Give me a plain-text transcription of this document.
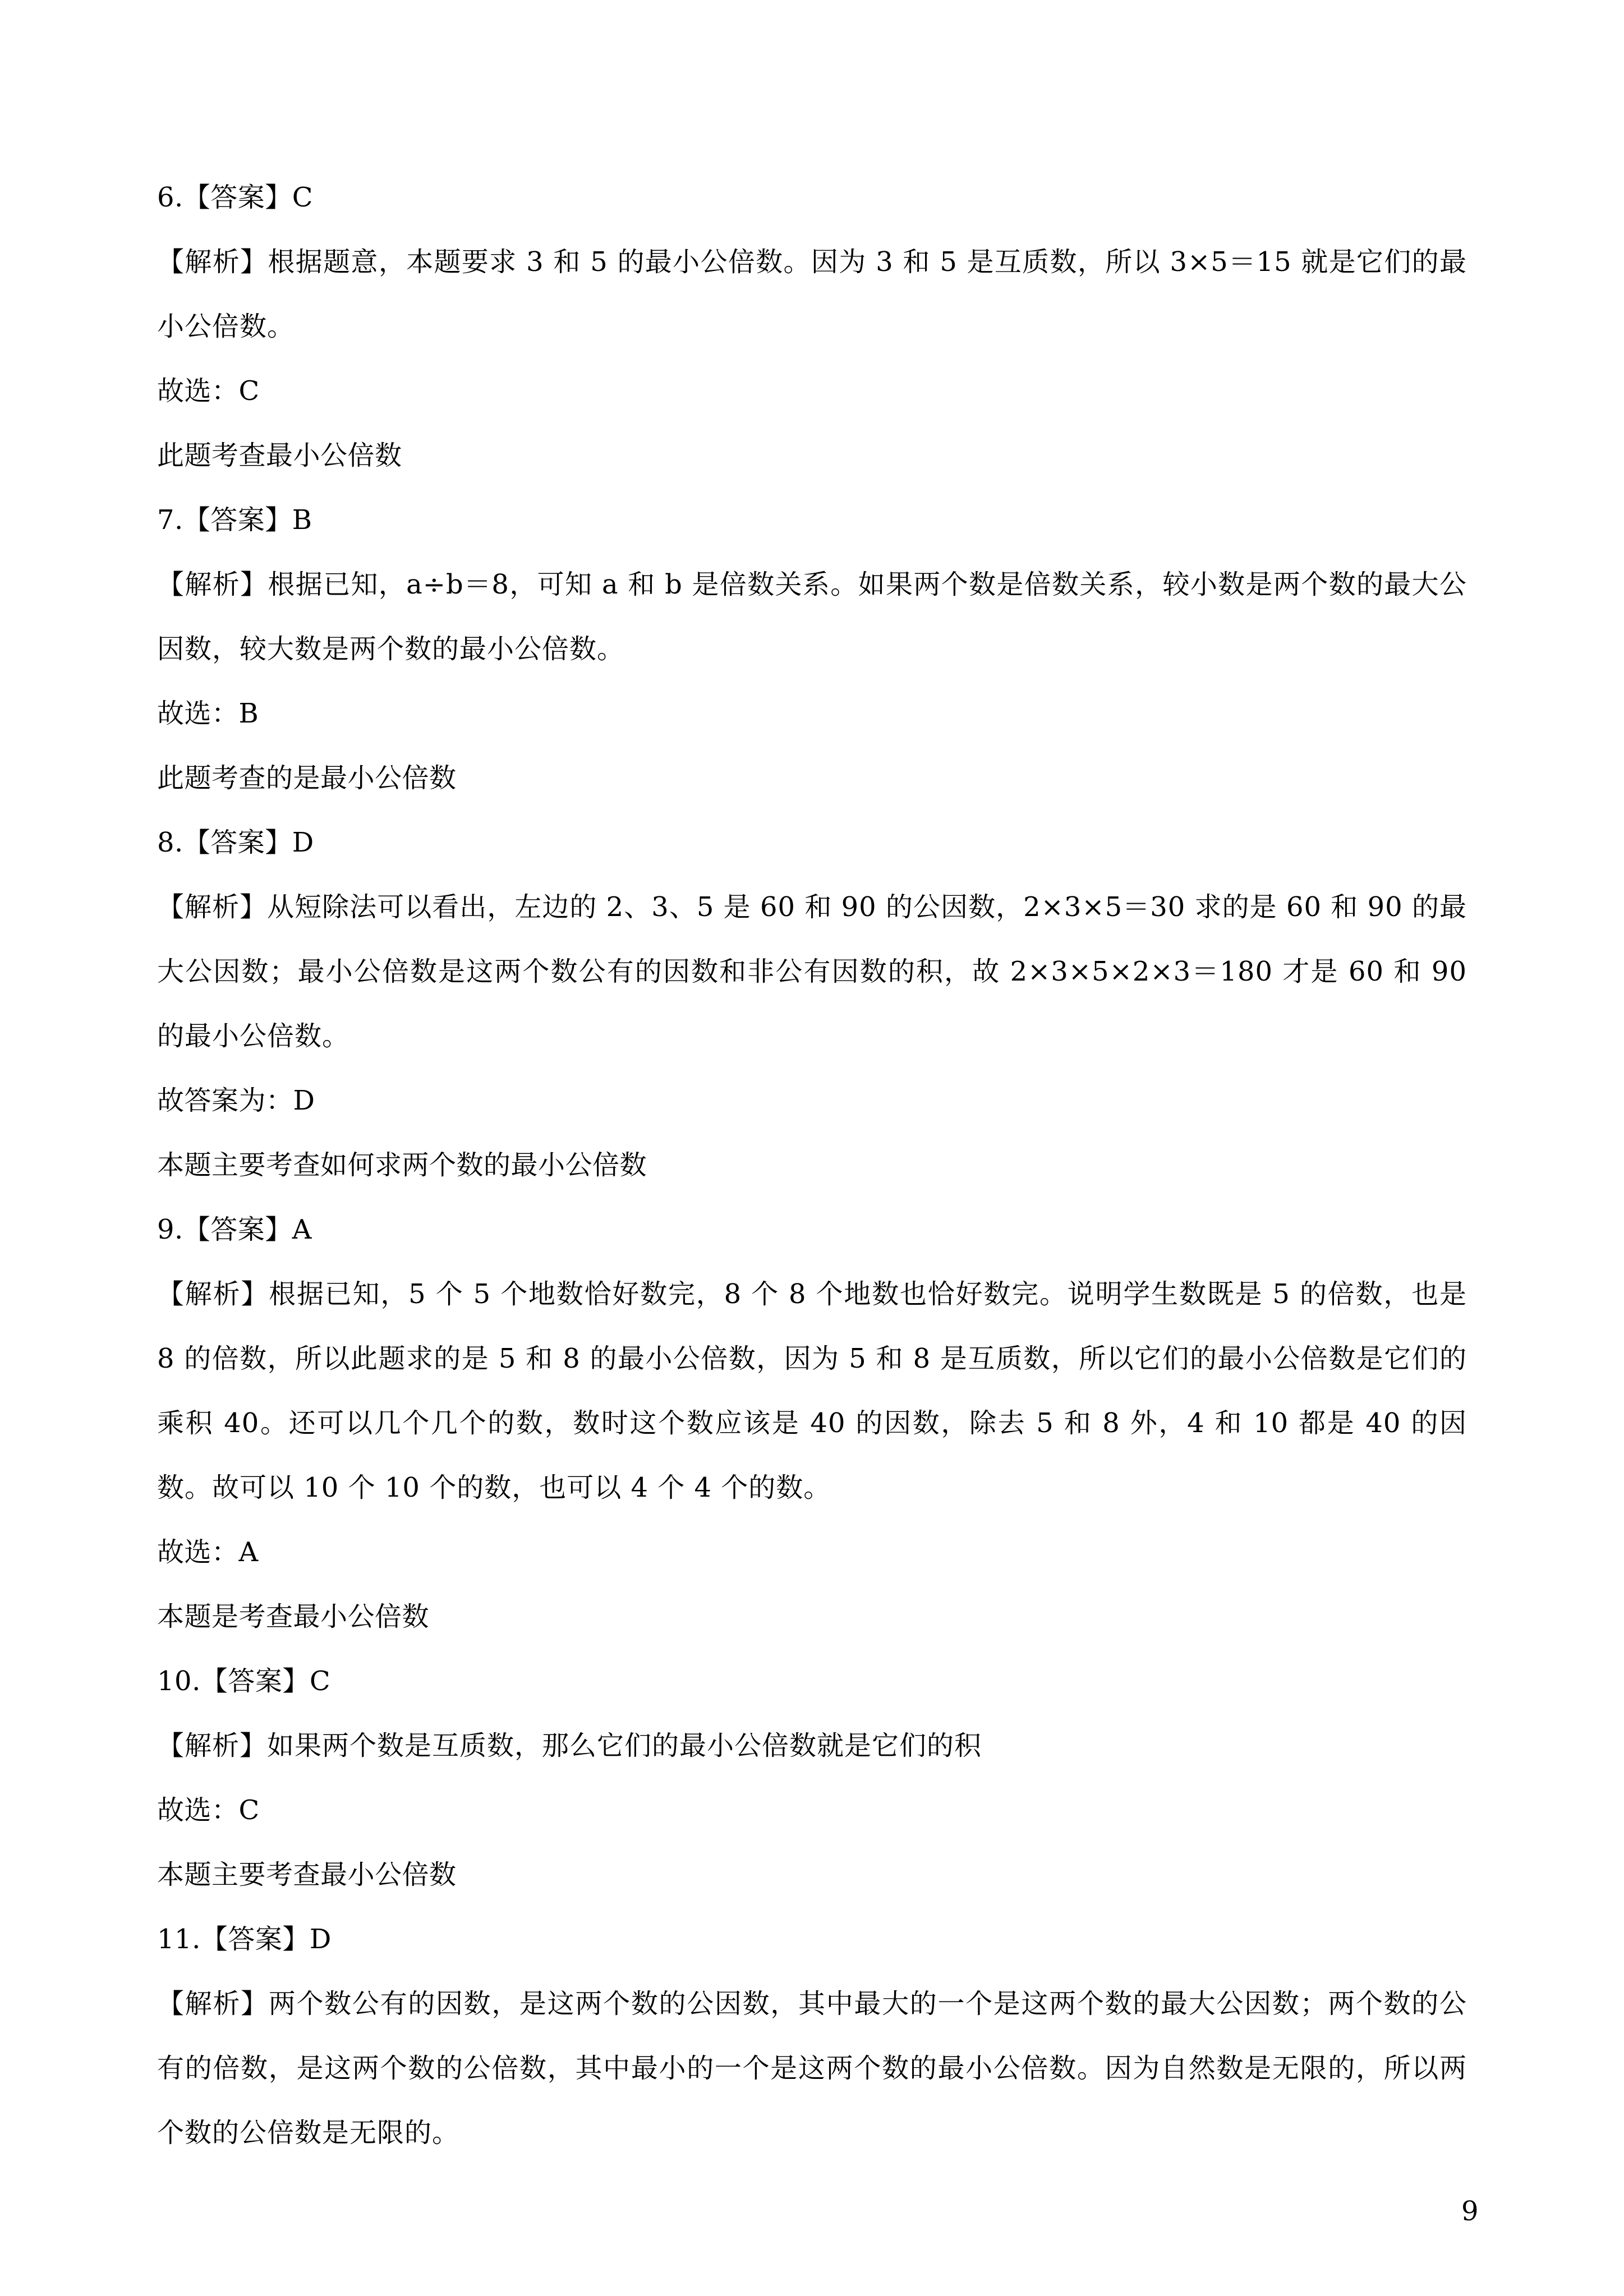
6.【答案】C
【解析】根据题意，本题要求 3 和 5 的最小公倍数。因为 3 和 5 是互质数，所以 3×5＝15 就是它们的最小公倍数。
故选：C
此题考查最小公倍数
7.【答案】B
【解析】根据已知，a÷b＝8，可知 a 和 b 是倍数关系。如果两个数是倍数关系，较小数是两个数的最大公因数，较大数是两个数的最小公倍数。
故选：B
此题考查的是最小公倍数
8.【答案】D
【解析】从短除法可以看出，左边的 2、3、5 是 60 和 90 的公因数，2×3×5＝30 求的是 60 和 90 的最大公因数；最小公倍数是这两个数公有的因数和非公有因数的积，故 2×3×5×2×3＝180 才是 60 和 90 的最小公倍数。
故答案为：D
本题主要考查如何求两个数的最小公倍数
9.【答案】A
【解析】根据已知，5 个 5 个地数恰好数完，8 个 8 个地数也恰好数完。说明学生数既是 5 的倍数，也是 8 的倍数，所以此题求的是 5 和 8 的最小公倍数，因为 5 和 8 是互质数，所以它们的最小公倍数是它们的乘积 40。还可以几个几个的数，数时这个数应该是 40 的因数，除去 5 和 8 外，4 和 10 都是 40 的因数。故可以 10 个 10 个的数，也可以 4 个 4 个的数。
故选：A
本题是考查最小公倍数
10.【答案】C
【解析】如果两个数是互质数，那么它们的最小公倍数就是它们的积
故选：C
本题主要考查最小公倍数
11.【答案】D
【解析】两个数公有的因数，是这两个数的公因数，其中最大的一个是这两个数的最大公因数；两个数的公有的倍数，是这两个数的公倍数，其中最小的一个是这两个数的最小公倍数。因为自然数是无限的，所以两个数的公倍数是无限的。
9
